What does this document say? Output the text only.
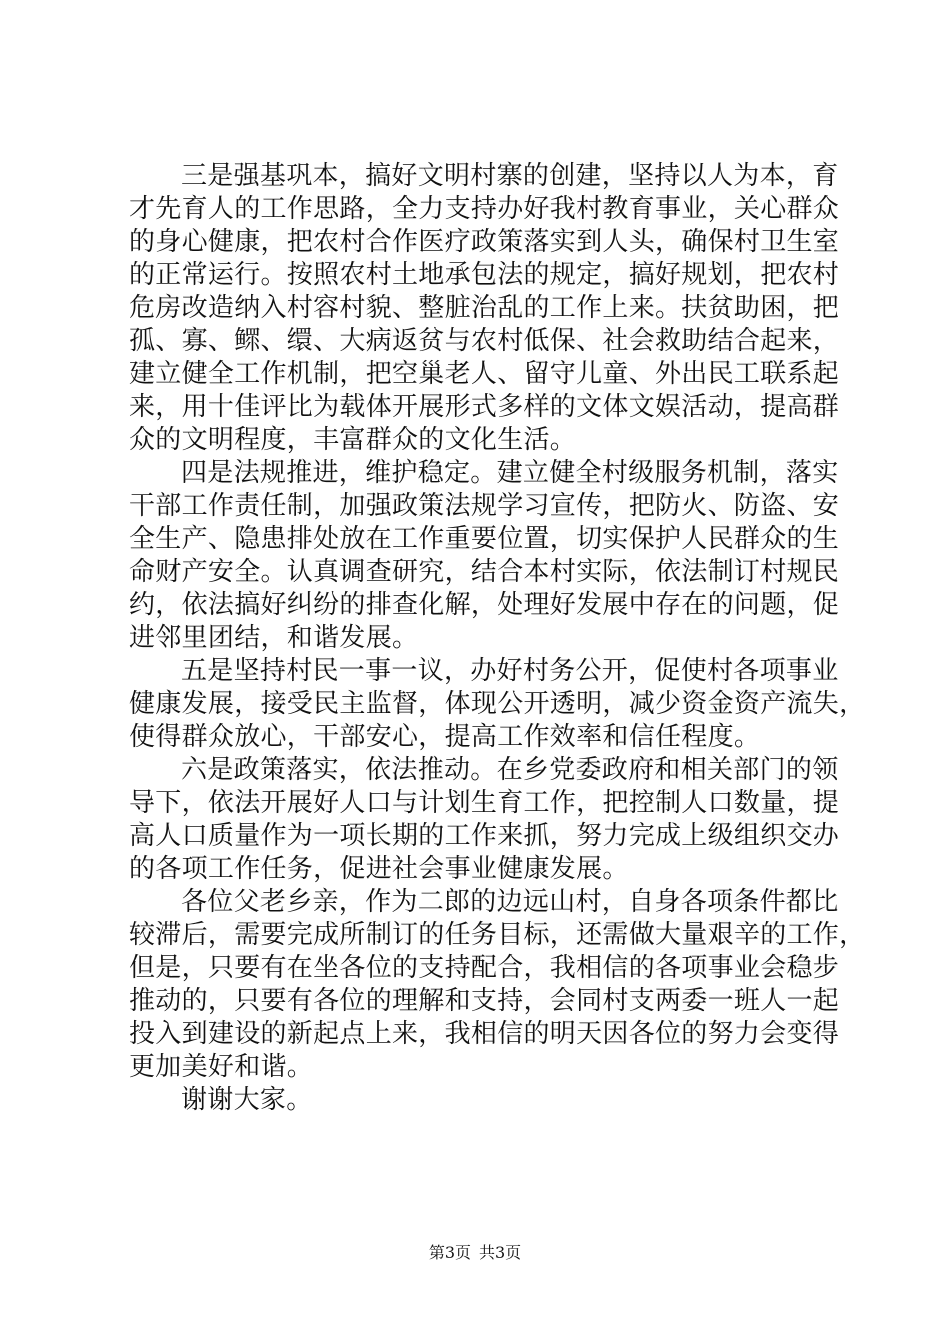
三是强基巩本，搞好文明村寨的创建，坚持以人为本，育
才先育人的工作思路，全力支持办好我村教育事业，关心群众
的身心健康，把农村合作医疗政策落实到人头，确保村卫生室
的正常运行。按照农村土地承包法的规定，搞好规划，把农村
危房改造纳入村容村貌、整脏治乱的工作上来。扶贫助困，把
孤、寡、鳏、缳、大病返贫与农村低保、社会救助结合起来，
建立健全工作机制，把空巢老人、留守儿童、外出民工联系起
来，用十佳评比为载体开展形式多样的文体文娱活动，提高群
众的文明程度，丰富群众的文化生活。
四是法规推进，维护稳定。建立健全村级服务机制，落实
干部工作责任制，加强政策法规学习宣传，把防火、防盗、安
全生产、隐患排处放在工作重要位置，切实保护人民群众的生
命财产安全。认真调查研究，结合本村实际，依法制订村规民
约，依法搞好纠纷的排查化解，处理好发展中存在的问题，促
进邻里团结，和谐发展。
五是坚持村民一事一议，办好村务公开，促使村各项事业
健康发展，接受民主监督，体现公开透明，减少资金资产流失，
使得群众放心，干部安心，提高工作效率和信任程度。
六是政策落实，依法推动。在乡党委政府和相关部门的领
导下，依法开展好人口与计划生育工作，把控制人口数量，提
高人口质量作为一项长期的工作来抓，努力完成上级组织交办
的各项工作任务，促进社会事业健康发展。
各位父老乡亲，作为二郎的边远山村，自身各项条件都比
较滞后，需要完成所制订的任务目标，还需做大量艰辛的工作，
但是，只要有在坐各位的支持配合，我相信的各项事业会稳步
推动的，只要有各位的理解和支持，会同村支两委一班人一起
投入到建设的新起点上来，我相信的明天因各位的努力会变得
更加美好和谐。
谢谢大家。
第3页 共3页
